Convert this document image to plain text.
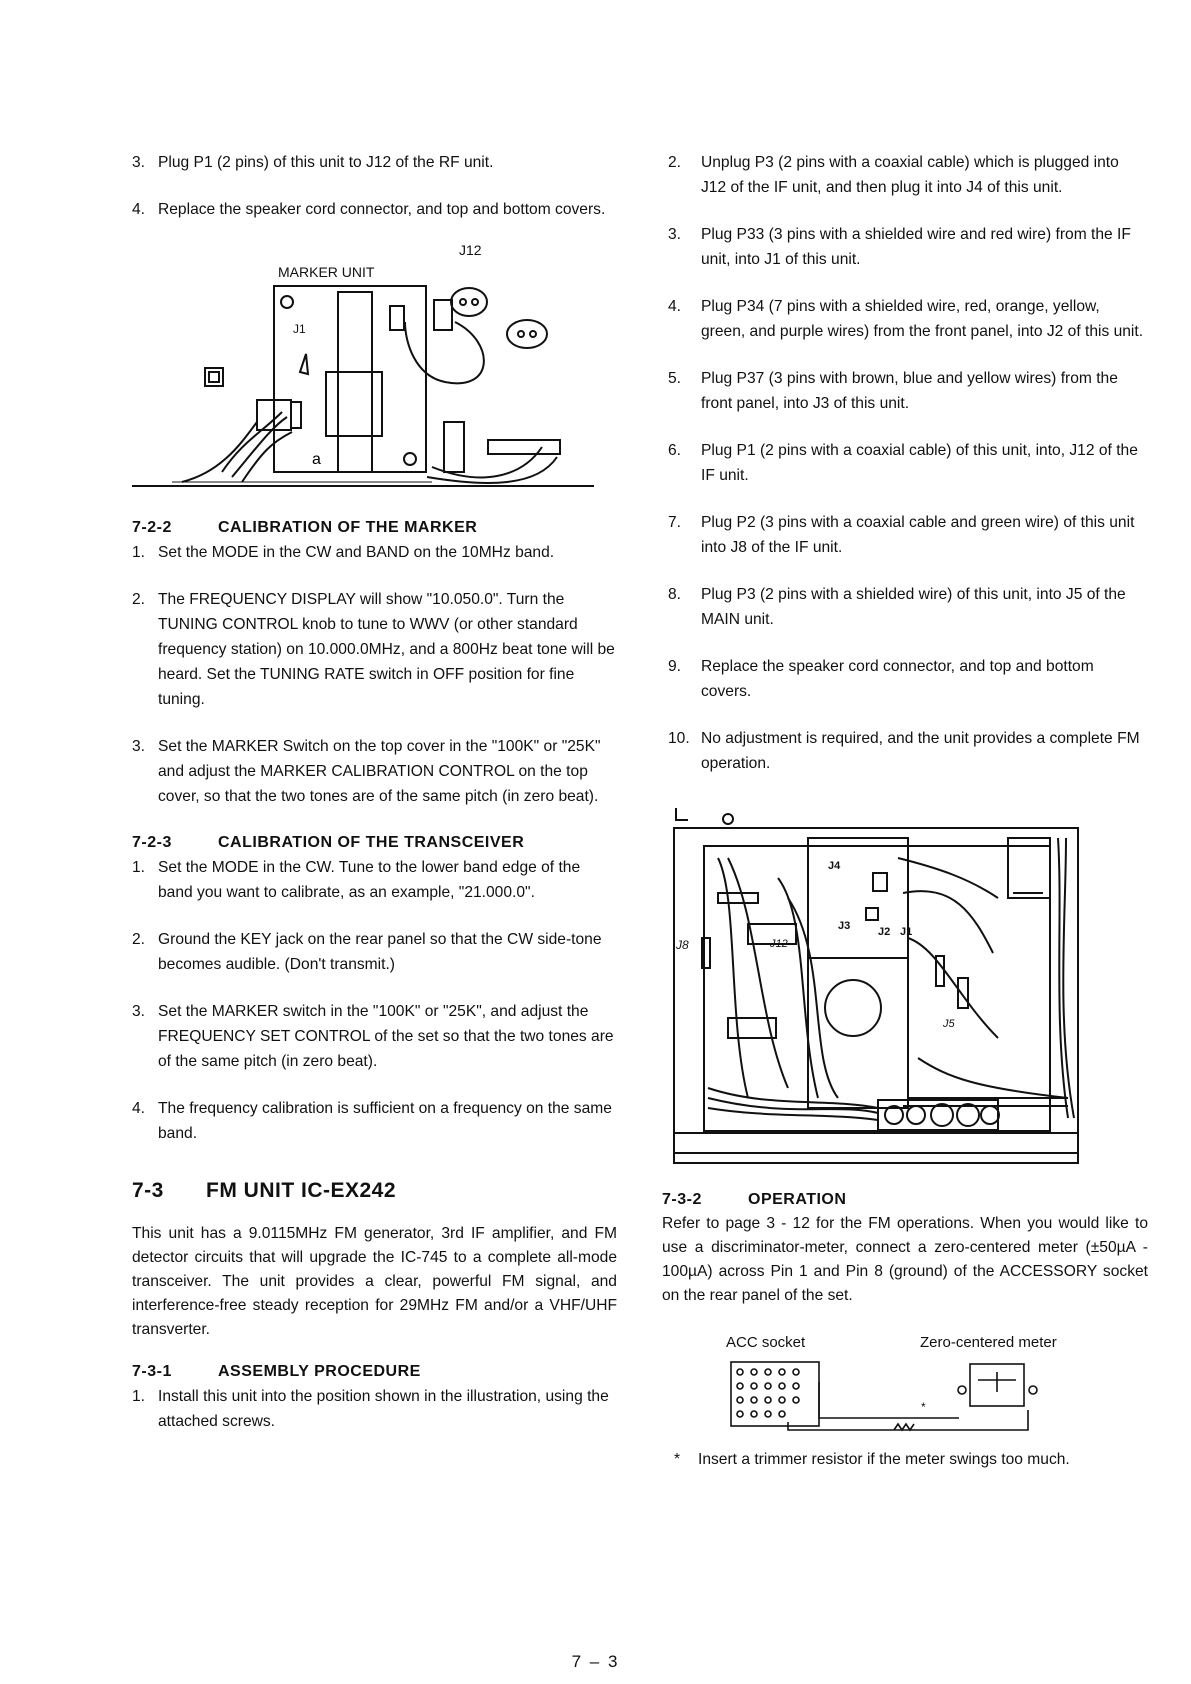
3. Plug P1 (2 pins) of this unit to J12 of the RF unit.
4. Replace the speaker cord connector, and top and bottom covers.
MARKER UNIT
J12
J1
a
7-2-2	CALIBRATION OF THE MARKER
1. Set the MODE in the CW and BAND on the 10MHz band.
2. The FREQUENCY DISPLAY will show "10.050.0". Turn the TUNING CONTROL knob to tune to WWV (or other standard frequency station) on 10.000.0MHz, and a 800Hz beat tone will be heard. Set the TUNING RATE switch in OFF position for fine tuning.
3. Set the MARKER Switch on the top cover in the "100K" or "25K" and adjust the MARKER CALIBRATION CONTROL on the top cover, so that the two tones are of the same pitch (in zero beat).
7-2-3	CALIBRATION OF THE TRANSCEIVER
1. Set the MODE in the CW. Tune to the lower band edge of the band you want to calibrate, as an example, "21.000.0".
2. Ground the KEY jack on the rear panel so that the CW side-tone becomes audible. (Don't transmit.)
3. Set the MARKER switch in the "100K" or "25K", and adjust the FREQUENCY SET CONTROL of the set so that the two tones are of the same pitch (in zero beat).
4. The frequency calibration is sufficient on a frequency on the same band.
7-3 FM UNIT IC-EX242
This unit has a 9.0115MHz FM generator, 3rd IF amplifier, and FM detector circuits that will upgrade the IC-745 to a complete all-mode transceiver. The unit provides a clear, powerful FM signal, and interference-free steady reception for 29MHz FM and/or a VHF/UHF transverter.
7-3-1	ASSEMBLY PROCEDURE
1. Install this unit into the position shown in the illustration, using the attached screws.
2. Unplug P3 (2 pins with a coaxial cable) which is plugged into J12 of the IF unit, and then plug it into J4 of this unit.
3. Plug P33 (3 pins with a shielded wire and red wire) from the IF unit, into J1 of this unit.
4. Plug P34 (7 pins with a shielded wire, red, orange, yellow, green, and purple wires) from the front panel, into J2 of this unit.
5. Plug P37 (3 pins with brown, blue and yellow wires) from the front panel, into J3 of this unit.
6. Plug P1 (2 pins with a coaxial cable) of this unit, into, J12 of the IF unit.
7. Plug P2 (3 pins with a coaxial cable and green wire) of this unit into J8 of the IF unit.
8. Plug P3 (2 pins with a shielded wire) of this unit, into J5 of the MAIN unit.
9. Replace the speaker cord connector, and top and bottom covers.
10. No adjustment is required, and the unit provides a complete FM operation.
J4
J3	J2 J1
J8	J12
J5
7-3-2	OPERATION
Refer to page 3 - 12 for the FM operations. When you would like to use a discriminator-meter, connect a zero-centered meter (±50µA - 100µA) across Pin 1 and Pin 8 (ground) of the ACCESSORY socket on the rear panel of the set.
ACC socket	Zero-centered meter
*
* Insert a trimmer resistor if the meter swings too much.
7 – 3
